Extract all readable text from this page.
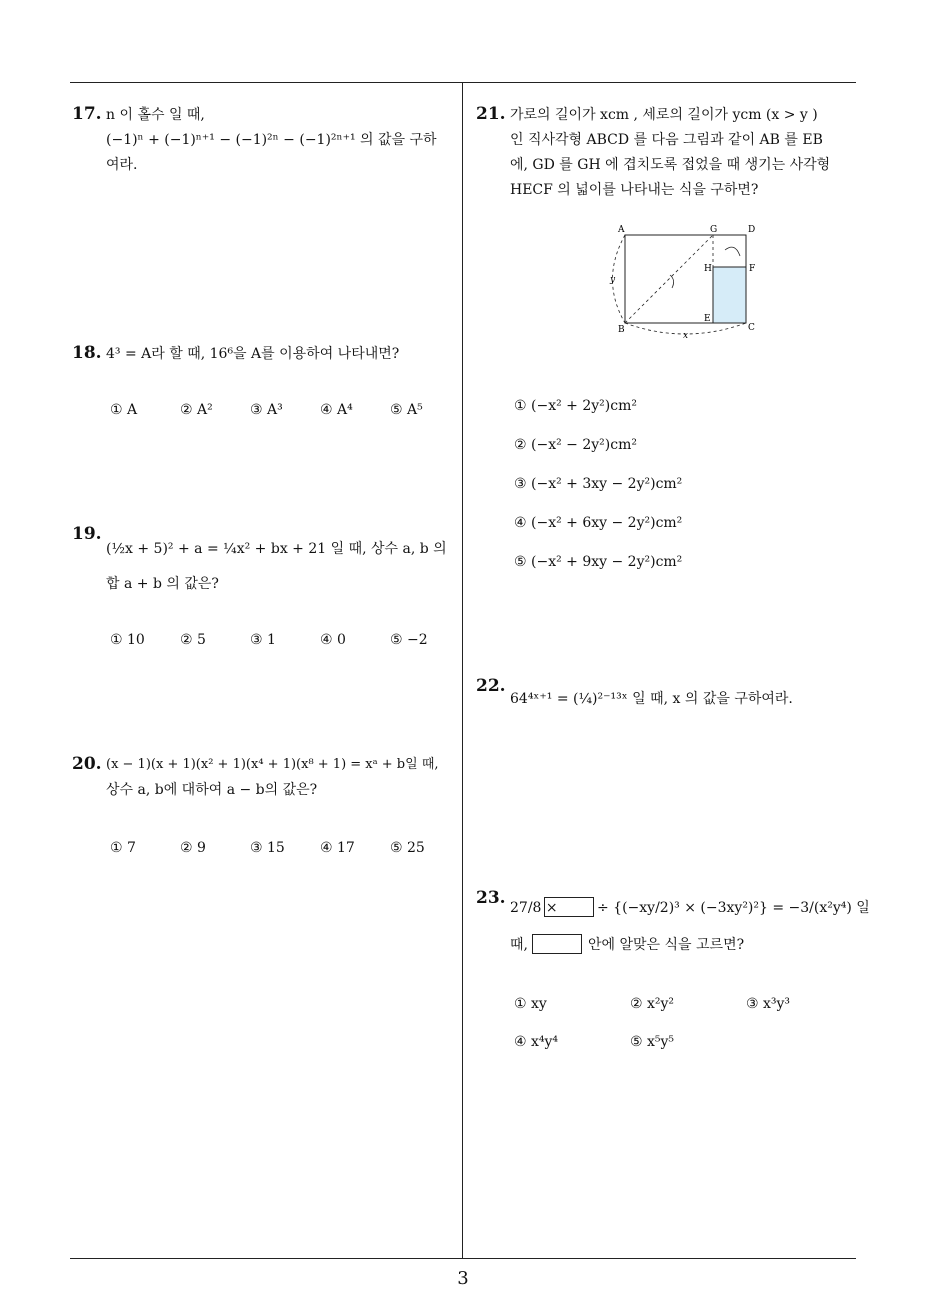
17. n 이 홀수 일 때,
(−1)ⁿ + (−1)ⁿ⁺¹ − (−1)²ⁿ − (−1)²ⁿ⁺¹ 의 값을 구하
여라.
18. 4³ = A라 할 때, 16⁶을 A를 이용하여 나타내면?
① A	② A²	③ A³	④ A⁴	⑤ A⁵
19.
(½x + 5)² + a = ¼x² + bx + 21 일 때, 상수 a, b 의
합 a + b 의 값은?
① 10	② 5	③ 1	④ 0	⑤ −2
20. (x − 1)(x + 1)(x² + 1)(x⁴ + 1)(x⁸ + 1) = xᵃ + b일 때,
상수 a, b에 대하여 a − b의 값은?
① 7	② 9	③ 15	④ 17	⑤ 25
21. 가로의 길이가 xcm , 세로의 길이가 ycm (x > y )
인 직사각형 ABCD 를 다음 그림과 같이 AB 를 EB
에, GD 를 GH 에 겹치도록 접었을 때 생기는 사각형
HECF 의 넓이를 나타내는 식을 구하면?
A	G	D
H	F
B
E
C
x
y
① (−x² + 2y²)cm²
② (−x² − 2y²)cm²
③ (−x² + 3xy − 2y²)cm²
④ (−x² + 6xy − 2y²)cm²
⑤ (−x² + 9xy − 2y²)cm²
22.
64⁴ˣ⁺¹ = (¼)²⁻¹³ˣ 일 때, x 의 값을 구하여라.
23. 27/8 ×	÷ {(−xy/2)³ × (−3xy²)²} = −3/(x²y⁴) 일
때,	안에 알맞은 식을 고르면?
① xy	② x²y²	③ x³y³
④ x⁴y⁴	⑤ x⁵y⁵
3
